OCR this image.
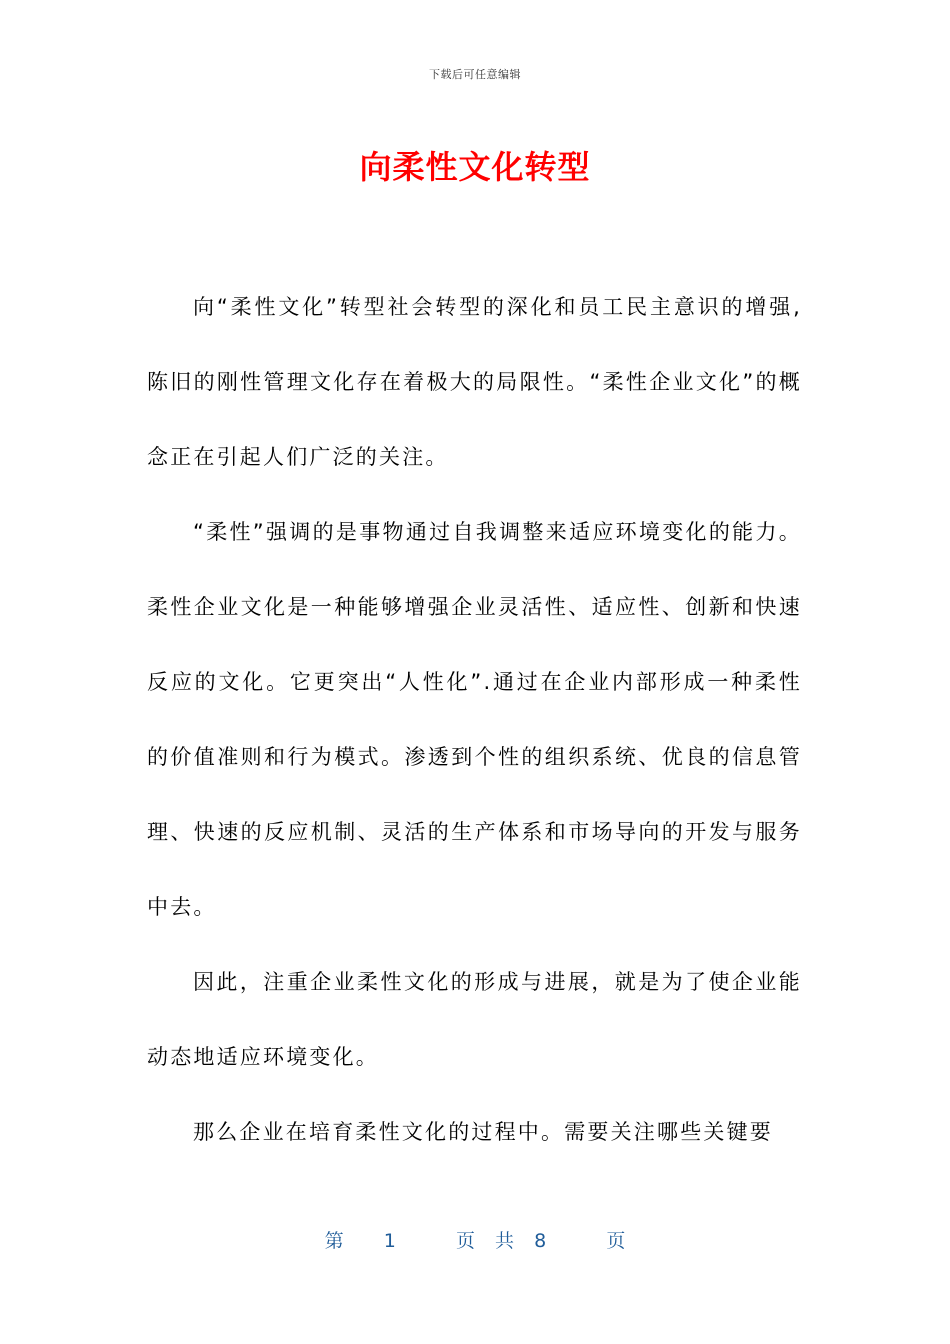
下载后可任意编辑
向柔性文化转型

向“柔性文化”转型社会转型的深化和员工民主意识的增强,陈旧的刚性管理文化存在着极大的局限性。“柔性企业文化”的概念正在引起人们广泛的关注。

“柔性”强调的是事物通过自我调整来适应环境变化的能力。柔性企业文化是一种能够增强企业灵活性、适应性、创新和快速反应的文化。它更突出“人性化”.通过在企业内部形成一种柔性的价值准则和行为模式。渗透到个性的组织系统、优良的信息管理、快速的反应机制、灵活的生产体系和市场导向的开发与服务中去。

因此，注重企业柔性文化的形成与进展，就是为了使企业能动态地适应环境变化。

那么企业在培育柔性文化的过程中。需要关注哪些关键要

第 1	页 共 8	页
